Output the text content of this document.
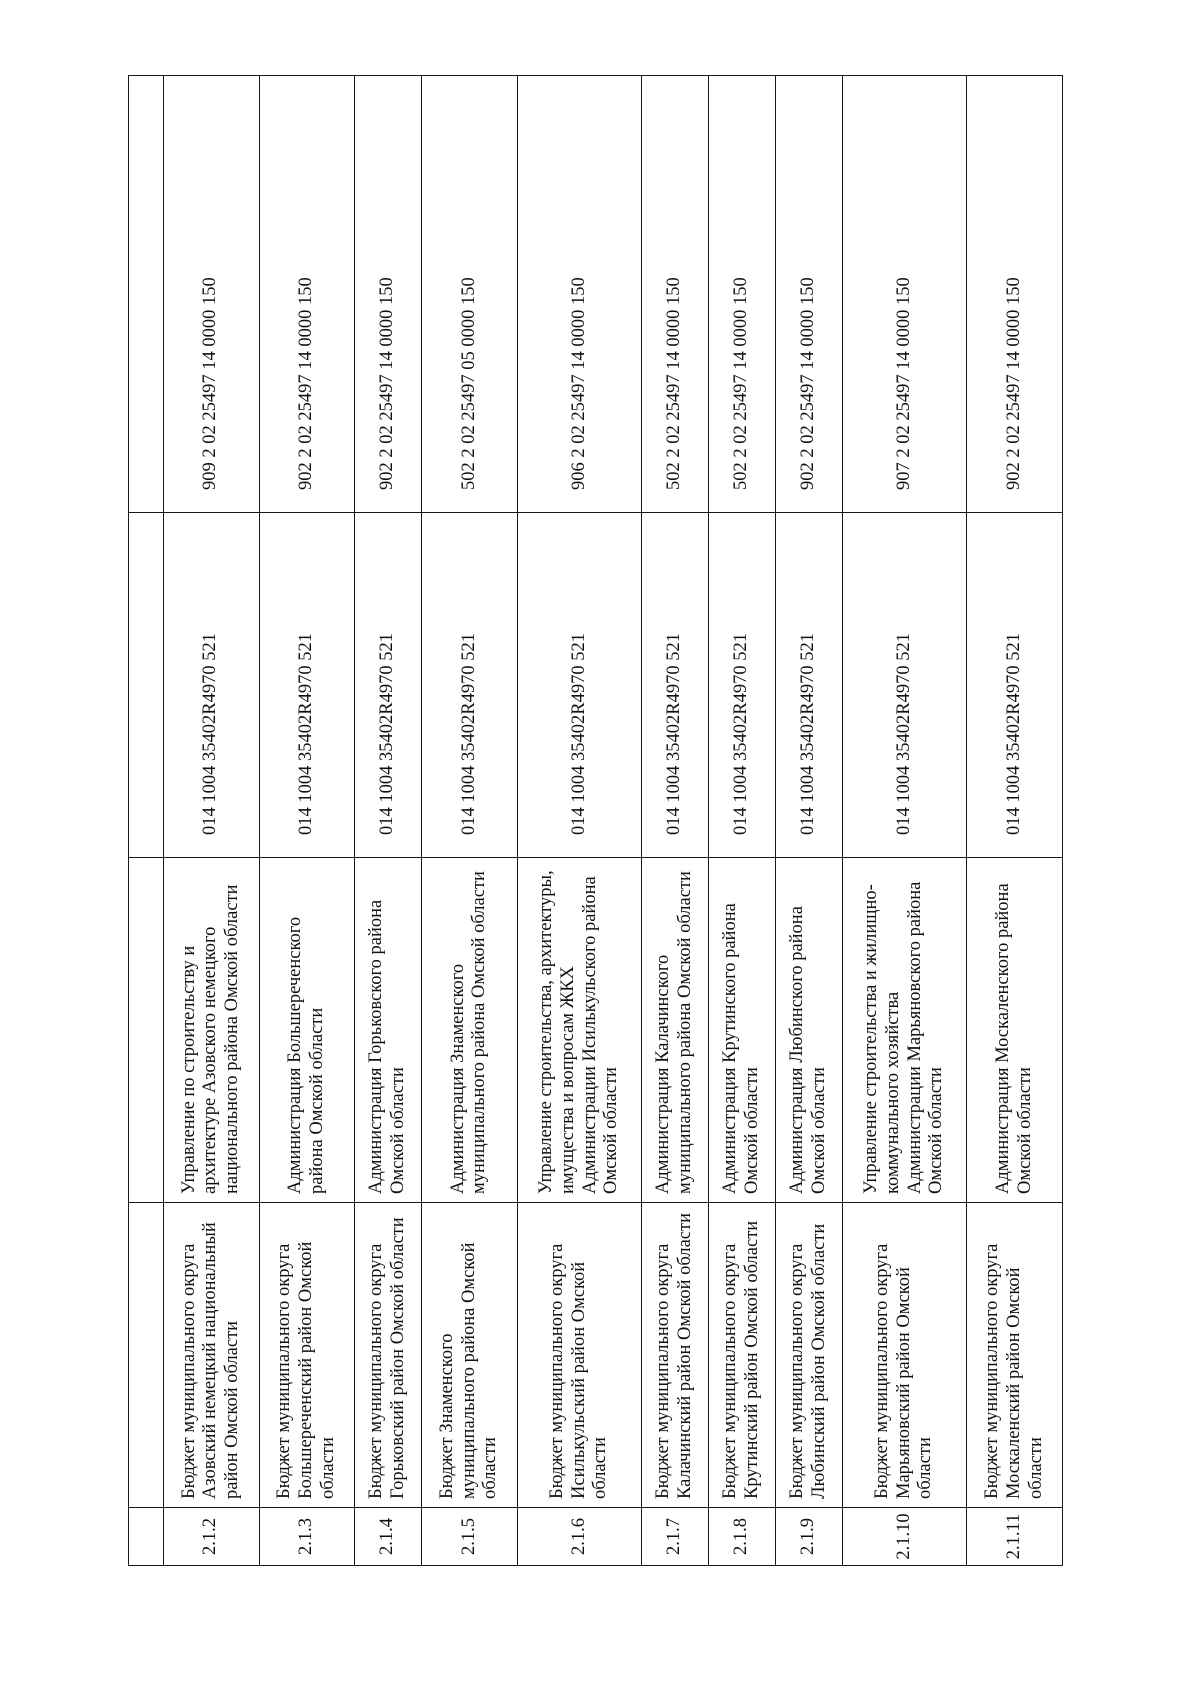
2.1.2	Бюджет муниципального округа Азовский немецкий национальный район Омской области	Управление по строительству и архитектуре Азовского немецкого национального района Омской области	014 1004 35402R4970 521	909 2 02 25497 14 0000 150
2.1.3	Бюджет муниципального округа Большереченский район Омской области	Администрация Большереченского района Омской области	014 1004 35402R4970 521	902 2 02 25497 14 0000 150
2.1.4	Бюджет муниципального округа Горьковский район Омской области	Администрация Горьковского района Омской области	014 1004 35402R4970 521	902 2 02 25497 14 0000 150
2.1.5	Бюджет Знаменского муниципального района Омской области	Администрация Знаменского муниципального района Омской области	014 1004 35402R4970 521	502 2 02 25497 05 0000 150
2.1.6	Бюджет муниципального округа Исилькульский район Омской области	Управление строительства, архитектуры, имущества и вопросам ЖКХ Администрации Исилькульского района Омской области	014 1004 35402R4970 521	906 2 02 25497 14 0000 150
2.1.7	Бюджет муниципального округа Калачинский район Омской области	Администрация Калачинского муниципального района Омской области	014 1004 35402R4970 521	502 2 02 25497 14 0000 150
2.1.8	Бюджет муниципального округа Крутинский район Омской области	Администрация Крутинского района Омской области	014 1004 35402R4970 521	502 2 02 25497 14 0000 150
2.1.9	Бюджет муниципального округа Любинский район Омской области	Администрация Любинского района Омской области	014 1004 35402R4970 521	902 2 02 25497 14 0000 150
2.1.10	Бюджет муниципального округа Марьяновский район Омской области	Управление строительства и жилищно-коммунального хозяйства Администрации Марьяновского района Омской области	014 1004 35402R4970 521	907 2 02 25497 14 0000 150
2.1.11	Бюджет муниципального округа Москаленский район Омской области	Администрация Москаленского района Омской области	014 1004 35402R4970 521	902 2 02 25497 14 0000 150
